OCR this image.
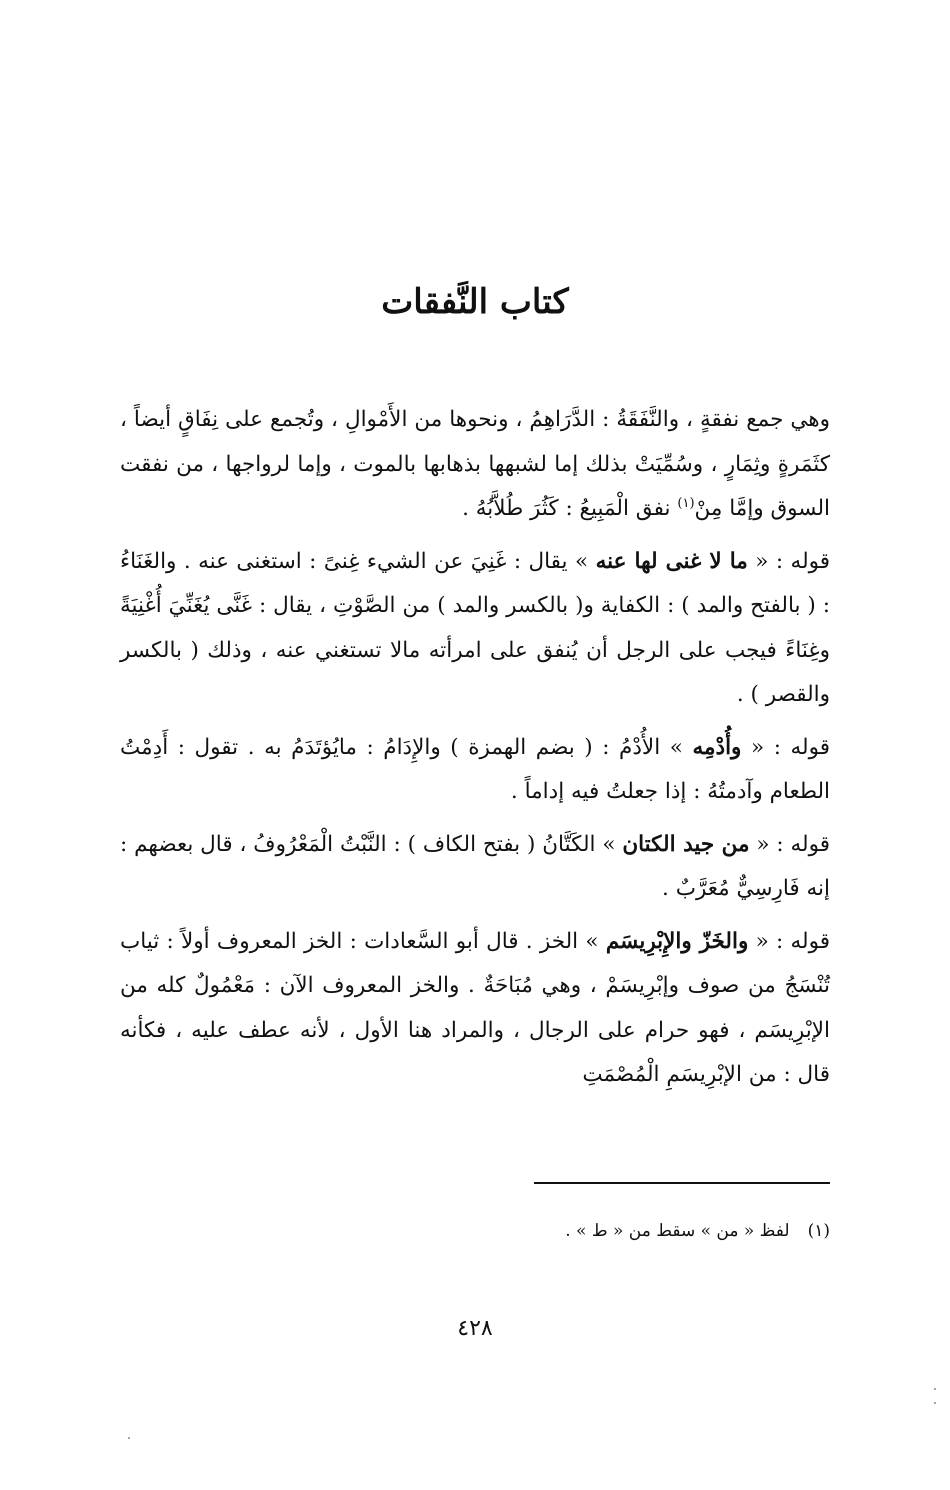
كتاب النَّفقات

وهي جمع نفقةٍ ، والنَّفَقَةُ : الدَّرَاهِمُ ، ونحوها من الأَمْوالِ ، وتُجمع على نِفَاقٍ أيضاً ، كثَمَرةٍ وثِمَارٍ ، وسُمِّيَتْ بذلك إما لشبهها بذهابها بالموت ، وإما لرواجها ، من نفقت السوق وإمَّا مِنْ$^{(١)}$ نفق الْمَبِيعُ : كَثُرَ طُلاَّبُهُ .

قوله : « ما لا غنى لها عنه » يقال : غَنِيَ عن الشيء غِنىً : استغنى عنه . والغَنَاءُ : ( بالفتح والمد ) : الكفاية و( بالكسر والمد ) من الصَّوْتِ ، يقال : غَنَّى يُغَنِّيَ أُغْنِيَةً وغِنَاءً فيجب على الرجل أن يُنفق على امرأته مالا تستغني عنه ، وذلك ( بالكسر والقصر ) .

قوله : « وأُدْمِه » الأُدْمُ : ( بضم الهمزة ) والإِدَامُ : مايُؤتَدَمُ به . تقول : أَدِمْتُ الطعام وآدمتُهُ : إذا جعلتُ فيه إداماً .

قوله : « من جيد الكتان » الكَتَّانُ ( بفتح الكاف ) : النَّبْتُ الْمَعْرُوفُ ، قال بعضهم : إنه فَارِسِيٌّ مُعَرَّبٌ .

قوله : « والخَزّ والإِبْرِيسَم » الخز . قال أبو السَّعادات : الخز المعروف أولاً : ثياب تُنْسَجُ من صوف وإبْرِيسَمْ ، وهي مُبَاحَةٌ . والخز المعروف الآن : مَعْمُولٌ كله من الإبْرِيسَم ، فهو حرام على الرجال ، والمراد هنا الأول ، لأنه عطف عليه ، فكأنه قال : من الإبْرِيسَمِ الْمُصْمَتِ

(١)لفظ « من » سقط من « ط » .
٤٢٨
